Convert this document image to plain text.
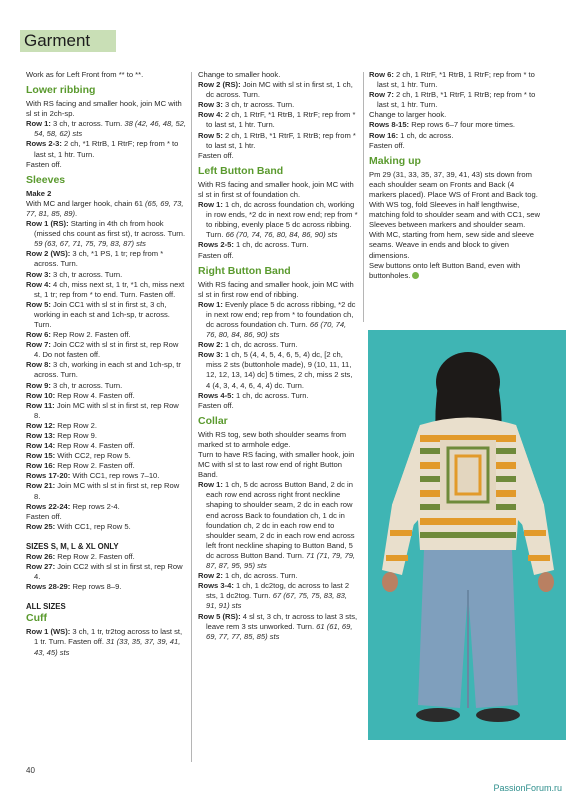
Garment

Work as for Left Front from ** to **.

Lower ribbing

With RS facing and smaller hook, join MC with sl st in 2ch-sp.

Row 1: 3 ch, tr across. Turn. 38 (42, 46, 48, 52, 54, 58, 62) sts

Rows 2-3: 2 ch, *1 RtrB, 1 RtrF; rep from * to last st, 1 htr. Turn.

Fasten off.

Sleeves

Make 2

With MC and larger hook, chain 61 (65, 69, 73, 77, 81, 85, 89).

Row 1 (RS): Starting in 4th ch from hook (missed chs count as first st), tr across. Turn. 59 (63, 67, 71, 75, 79, 83, 87) sts

Row 2 (WS): 3 ch, *1 PS, 1 tr; rep from * across. Turn.

Row 3: 3 ch, tr across. Turn.

Row 4: 4 ch, miss next st, 1 tr, *1 ch, miss next st, 1 tr; rep from * to end. Turn. Fasten off.

Row 5: Join CC1 with sl st in first st, 3 ch, working in each st and 1ch-sp, tr across. Turn.

Row 6: Rep Row 2. Fasten off.

Row 7: Join CC2 with sl st in first st, rep Row 4. Do not fasten off.

Row 8: 3 ch, working in each st and 1ch-sp, tr across. Turn.

Row 9: 3 ch, tr across. Turn.

Row 10: Rep Row 4. Fasten off.

Row 11: Join MC with sl st in first st, rep Row 8.

Row 12: Rep Row 2.

Row 13: Rep Row 9.

Row 14: Rep Row 4. Fasten off.

Row 15: With CC2, rep Row 5.

Row 16: Rep Row 2. Fasten off.

Rows 17-20: With CC1, rep rows 7–10.

Row 21: Join MC with sl st in first st, rep Row 8.

Rows 22-24: Rep rows 2-4.

Fasten off.

Row 25: With CC1, rep Row 5.

SIZES S, M, L & XL ONLY

Row 26: Rep Row 2. Fasten off.

Row 27: Join CC2 with sl st in first st, rep Row 4.

Rows 28-29: Rep rows 8–9.

ALL SIZES
Cuff

Row 1 (WS): 3 ch, 1 tr, tr2tog across to last st, 1 tr. Turn. Fasten off. 31 (33, 35, 37, 39, 41, 43, 45) sts

Change to smaller hook.

Row 2 (RS): Join MC with sl st in first st, 1 ch, dc across. Turn.

Row 3: 3 ch, tr across. Turn.

Row 4: 2 ch, 1 RtrF, *1 RtrB, 1 RtrF; rep from * to last st, 1 htr. Turn.

Row 5: 2 ch, 1 RtrB, *1 RtrF, 1 RtrB; rep from * to last st, 1 htr.

Fasten off.

Left Button Band

With RS facing and smaller hook, join MC with sl st in first st of foundation ch.

Row 1: 1 ch, dc across foundation ch, working in row ends, *2 dc in next row end; rep from * to ribbing, evenly place 5 dc across ribbing. Turn. 66 (70, 74, 76, 80, 84, 86, 90) sts

Rows 2-5: 1 ch, dc across. Turn.

Fasten off.

Right Button Band

With RS facing and smaller hook, join MC with sl st in first row end of ribbing.

Row 1: Evenly place 5 dc across ribbing, *2 dc in next row end; rep from * to foundation ch, dc across foundation ch. Turn. 66 (70, 74, 76, 80, 84, 86, 90) sts

Row 2: 1 ch, dc across. Turn.

Row 3: 1 ch, 5 (4, 4, 5, 4, 6, 5, 4) dc, [2 ch, miss 2 sts (buttonhole made), 9 (10, 11, 11, 12, 12, 13, 14) dc] 5 times, 2 ch, miss 2 sts, 4 (4, 3, 4, 4, 6, 4, 4) dc. Turn.

Rows 4-5: 1 ch, dc across. Turn.

Fasten off.

Collar

With RS tog, sew both shoulder seams from marked st to armhole edge.

Turn to have RS facing, with smaller hook, join MC with sl st to last row end of right Button Band.

Row 1: 1 ch, 5 dc across Button Band, 2 dc in each row end across right front neckline shaping to shoulder seam, 2 dc in each row end across Back to foundation ch, 1 dc in foundation ch, 2 dc in each row end to shoulder seam, 2 dc in each row end across left front neckline shaping to Button Band, 5 dc across Button Band. Turn. 71 (71, 79, 79, 87, 87, 95, 95) sts

Row 2: 1 ch, dc across. Turn.

Rows 3-4: 1 ch, 1 dc2tog, dc across to last 2 sts, 1 dc2tog. Turn. 67 (67, 75, 75, 83, 83, 91, 91) sts

Row 5 (RS): 4 sl st, 3 ch, tr across to last 3 sts, leave rem 3 sts unworked. Turn. 61 (61, 69, 69, 77, 77, 85, 85) sts

Row 6: 2 ch, 1 RtrF, *1 RtrB, 1 RtrF; rep from * to last st, 1 htr. Turn.

Row 7: 2 ch, 1 RtrB, *1 RtrF, 1 RtrB; rep from * to last st, 1 htr. Turn.

Change to larger hook.

Rows 8-15: Rep rows 6–7 four more times.

Row 16: 1 ch, dc across.

Fasten off.

Making up

Pm 29 (31, 33, 35, 37, 39, 41, 43) sts down from each shoulder seam on Fronts and Back (4 markers placed). Place WS of Front and Back tog. With WS tog, fold Sleeves in half lengthwise, matching fold to shoulder seam and with CC1, sew Sleeves between markers and shoulder seam. With MC, starting from hem, sew side and sleeve seams. Weave in ends and block to given dimensions.

Sew buttons onto left Button Band, even with buttonholes.

40
PassionForum.ru
